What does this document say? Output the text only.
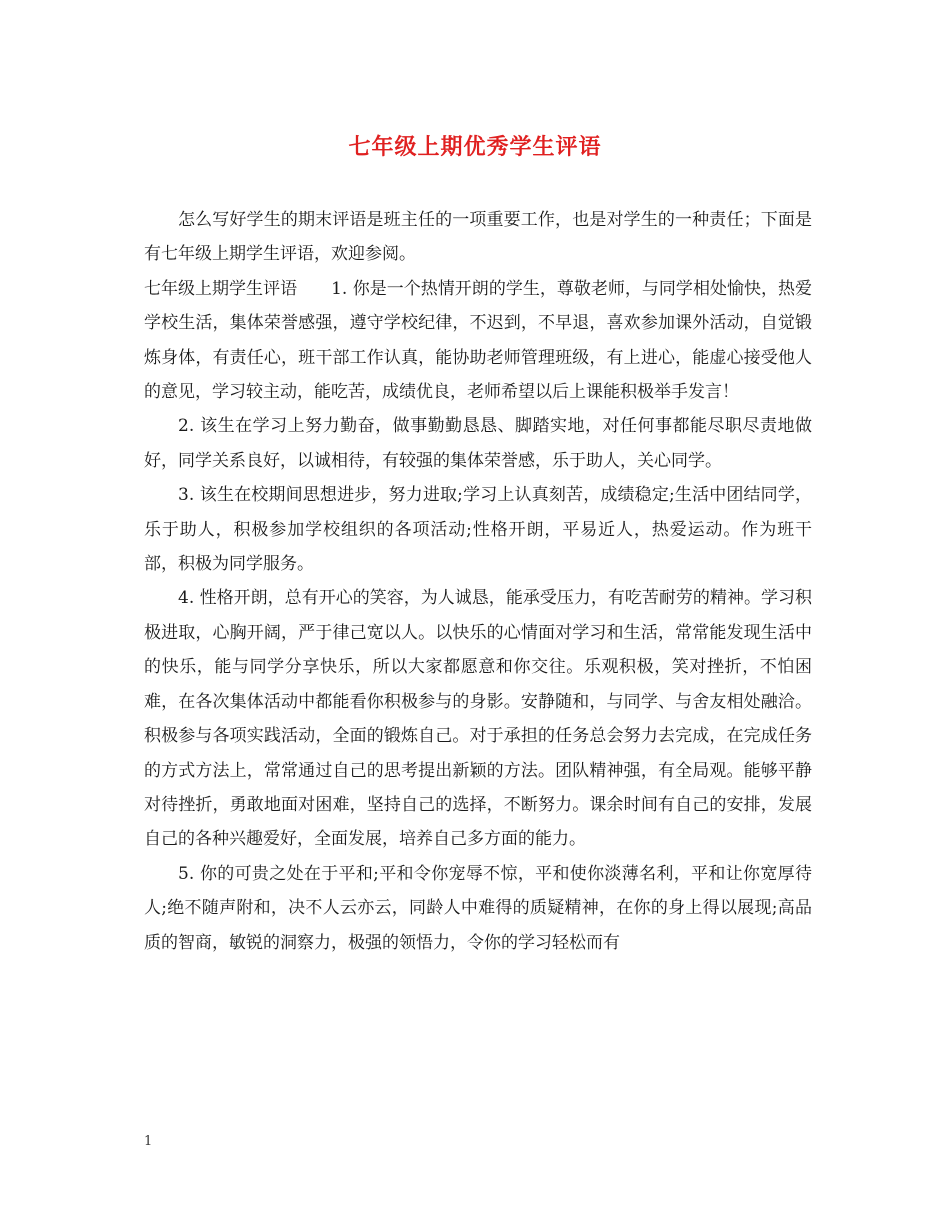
七年级上期优秀学生评语

怎么写好学生的期末评语是班主任的一项重要工作，也是对学生的一种责任；下面是有七年级上期学生评语，欢迎参阅。

七年级上期学生评语　　1. 你是一个热情开朗的学生，尊敬老师，与同学相处愉快，热爱学校生活，集体荣誉感强，遵守学校纪律，不迟到，不早退，喜欢参加课外活动，自觉锻炼身体，有责任心，班干部工作认真，能协助老师管理班级，有上进心，能虚心接受他人的意见，学习较主动，能吃苦，成绩优良，老师希望以后上课能积极举手发言！

2. 该生在学习上努力勤奋，做事勤勤恳恳、脚踏实地，对任何事都能尽职尽责地做好，同学关系良好，以诚相待，有较强的集体荣誉感，乐于助人，关心同学。

3. 该生在校期间思想进步，努力进取;学习上认真刻苦，成绩稳定;生活中团结同学，乐于助人，积极参加学校组织的各项活动;性格开朗，平易近人，热爱运动。作为班干部，积极为同学服务。

4. 性格开朗，总有开心的笑容，为人诚恳，能承受压力，有吃苦耐劳的精神。学习积极进取，心胸开阔，严于律己宽以人。以快乐的心情面对学习和生活，常常能发现生活中的快乐，能与同学分享快乐，所以大家都愿意和你交往。乐观积极，笑对挫折，不怕困难，在各次集体活动中都能看你积极参与的身影。安静随和，与同学、与舍友相处融洽。积极参与各项实践活动，全面的锻炼自己。对于承担的任务总会努力去完成，在完成任务的方式方法上，常常通过自己的思考提出新颖的方法。团队精神强，有全局观。能够平静对待挫折，勇敢地面对困难，坚持自己的选择，不断努力。课余时间有自己的安排，发展自己的各种兴趣爱好，全面发展，培养自己多方面的能力。

5. 你的可贵之处在于平和;平和令你宠辱不惊，平和使你淡薄名利，平和让你宽厚待人;绝不随声附和，决不人云亦云，同龄人中难得的质疑精神，在你的身上得以展现;高品质的智商，敏锐的洞察力，极强的领悟力，令你的学习轻松而有

1
